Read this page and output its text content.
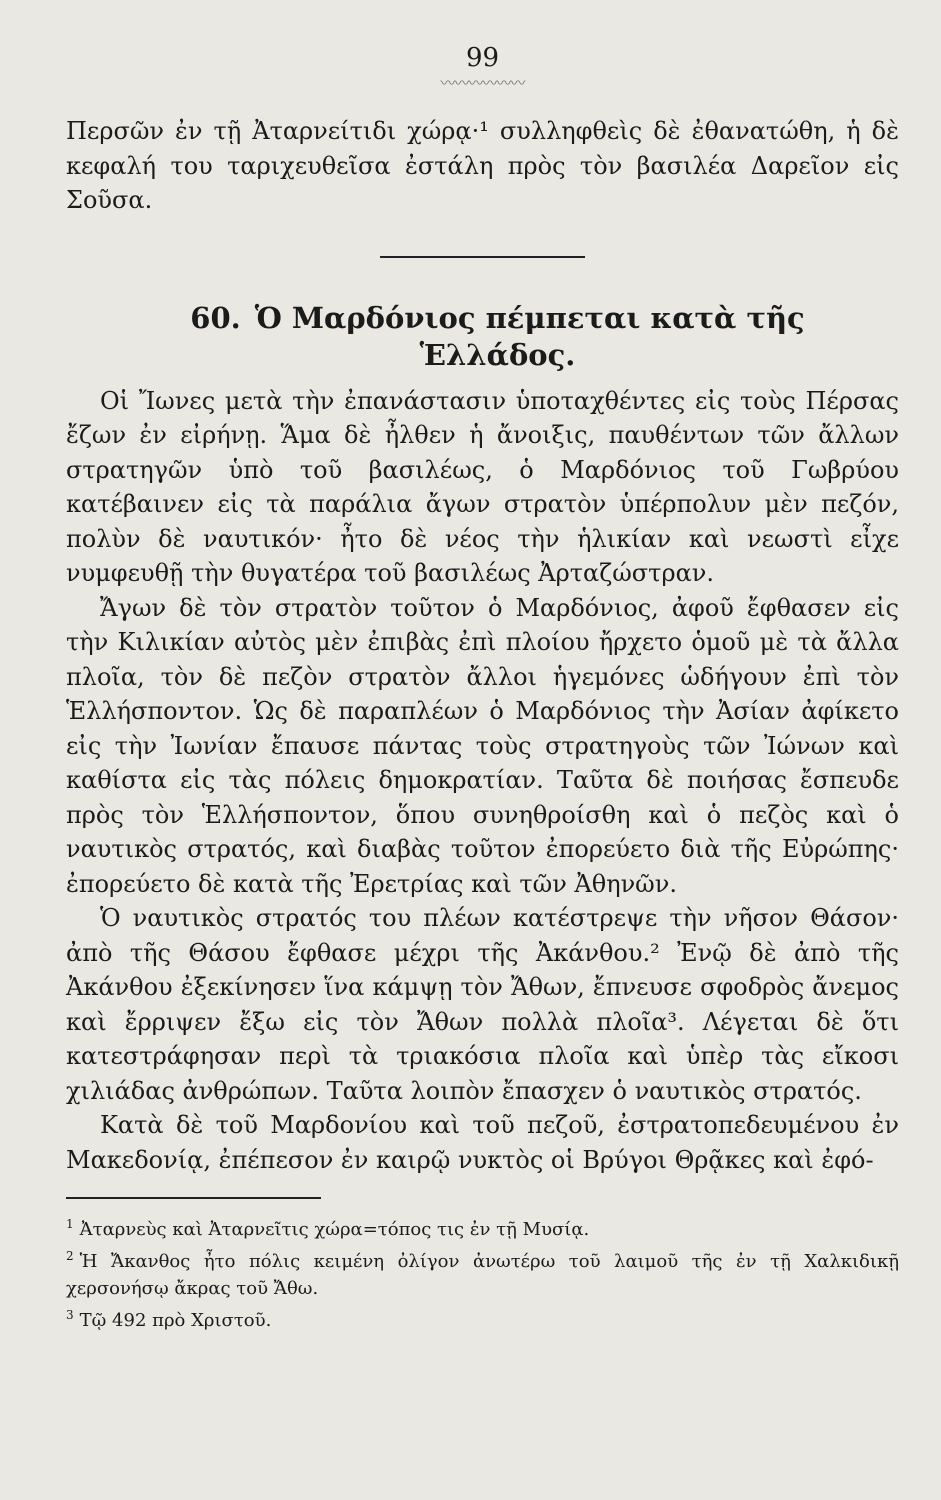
99

〰〰〰〰〰〰

Περσῶν ἐν τῇ Ἀταρνείτιδι χώρᾳ·¹ συλληφθεὶς δὲ ἐθανατώθη, ἡ δὲ κεφαλή του ταριχευθεῖσα ἐστάλη πρὸς τὸν βασιλέα Δαρεῖον εἰς Σοῦσα.

60. Ὁ Μαρδόνιος πέμπεται κατὰ τῆς
Ἑλλάδος.

Οἱ Ἴωνες μετὰ τὴν ἐπανάστασιν ὑποταχθέντες εἰς τοὺς Πέρσας ἔζων ἐν εἰρήνῃ. Ἅμα δὲ ἦλθεν ἡ ἄνοιξις, παυθέντων τῶν ἄλλων στρατηγῶν ὑπὸ τοῦ βασιλέως, ὁ Μαρδόνιος τοῦ Γωβρύου κατέβαινεν εἰς τὰ παράλια ἄγων στρατὸν ὑπέρπολυν μὲν πεζόν, πολὺν δὲ ναυτικόν· ἦτο δὲ νέος τὴν ἡλικίαν καὶ νεωστὶ εἶχε νυμφευθῇ τὴν θυγατέρα τοῦ βασιλέως Ἀρταζώστραν.

Ἄγων δὲ τὸν στρατὸν τοῦτον ὁ Μαρδόνιος, ἀφοῦ ἔφθασεν εἰς τὴν Κιλικίαν αὐτὸς μὲν ἐπιβὰς ἐπὶ πλοίου ἤρχετο ὁμοῦ μὲ τὰ ἄλλα πλοῖα, τὸν δὲ πεζὸν στρατὸν ἄλλοι ἡγεμόνες ὡδήγουν ἐπὶ τὸν Ἑλλήσποντον. Ὡς δὲ παραπλέων ὁ Μαρδόνιος τὴν Ἀσίαν ἀφίκετο εἰς τὴν Ἰωνίαν ἔπαυσε πάντας τοὺς στρατηγοὺς τῶν Ἰώνων καὶ καθίστα εἰς τὰς πόλεις δημοκρατίαν. Ταῦτα δὲ ποιήσας ἔσπευδε πρὸς τὸν Ἑλλήσποντον, ὅπου συνηθροίσθη καὶ ὁ πεζὸς καὶ ὁ ναυτικὸς στρατός, καὶ διαβὰς τοῦτον ἐπορεύετο διὰ τῆς Εὐρώπης· ἐπορεύετο δὲ κατὰ τῆς Ἐρετρίας καὶ τῶν Ἀθηνῶν.

Ὁ ναυτικὸς στρατός του πλέων κατέστρεψε τὴν νῆσον Θάσον· ἀπὸ τῆς Θάσου ἔφθασε μέχρι τῆς Ἀκάνθου.² Ἐνῷ δὲ ἀπὸ τῆς Ἀκάνθου ἐξεκίνησεν ἵνα κάμψῃ τὸν Ἄθων, ἔπνευσε σφοδρὸς ἄνεμος καὶ ἔρριψεν ἔξω εἰς τὸν Ἄθων πολλὰ πλοῖα³. Λέγεται δὲ ὅτι κατεστράφησαν περὶ τὰ τριακόσια πλοῖα καὶ ὑπὲρ τὰς εἴκοσι χιλιάδας ἀνθρώπων. Ταῦτα λοιπὸν ἔπασχεν ὁ ναυτικὸς στρατός.

Κατὰ δὲ τοῦ Μαρδονίου καὶ τοῦ πεζοῦ, ἐστρατοπεδευμένου ἐν Μακεδονίᾳ, ἐπέπεσον ἐν καιρῷ νυκτὸς οἱ Βρύγοι Θρᾷκες καὶ ἐφό-

$^1$ Ἀταρνεὺς καὶ Ἀταρνεῖτις χώρα=τόπος τις ἐν τῇ Μυσίᾳ.

$^2$ Ἡ Ἄκανθος ἦτο πόλις κειμένη ὀλίγον ἀνωτέρω τοῦ λαιμοῦ τῆς ἐν τῇ Χαλκιδικῇ χερσονήσῳ ἄκρας τοῦ Ἄθω.

$^3$ Τῷ 492 πρὸ Χριστοῦ.
